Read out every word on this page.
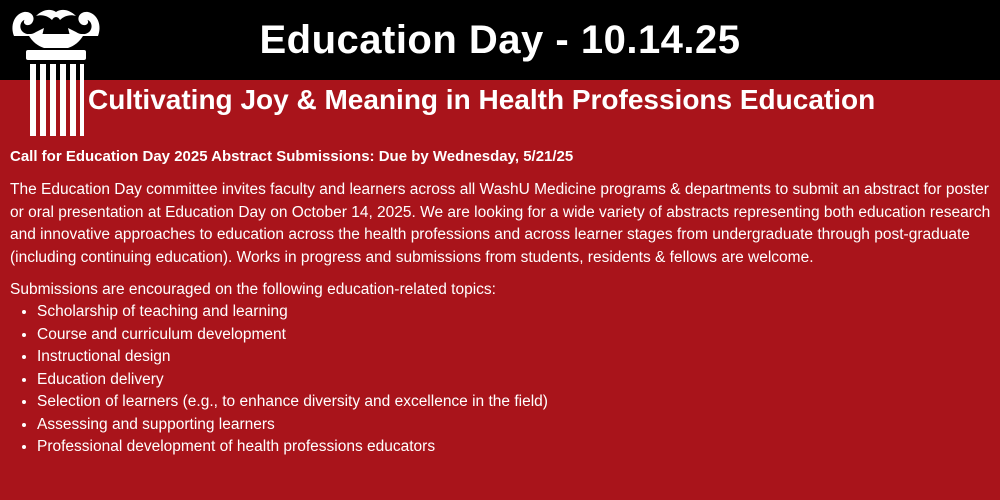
Education Day - 10.14.25
Cultivating Joy & Meaning in Health Professions Education

Call for Education Day 2025 Abstract Submissions: Due by Wednesday, 5/21/25

The Education Day committee invites faculty and learners across all WashU Medicine programs & departments to submit an abstract for poster or oral presentation at Education Day on October 14, 2025. We are looking for a wide variety of abstracts representing both education research and innovative approaches to education across the health professions and across learner stages from undergraduate through post-graduate (including continuing education). Works in progress and submissions from students, residents & fellows are welcome.

Submissions are encouraged on the following education-related topics:

• Scholarship of teaching and learning
• Course and curriculum development
• Instructional design
• Education delivery
• Selection of learners (e.g., to enhance diversity and excellence in the field)
• Assessing and supporting learners
• Professional development of health professions educators
